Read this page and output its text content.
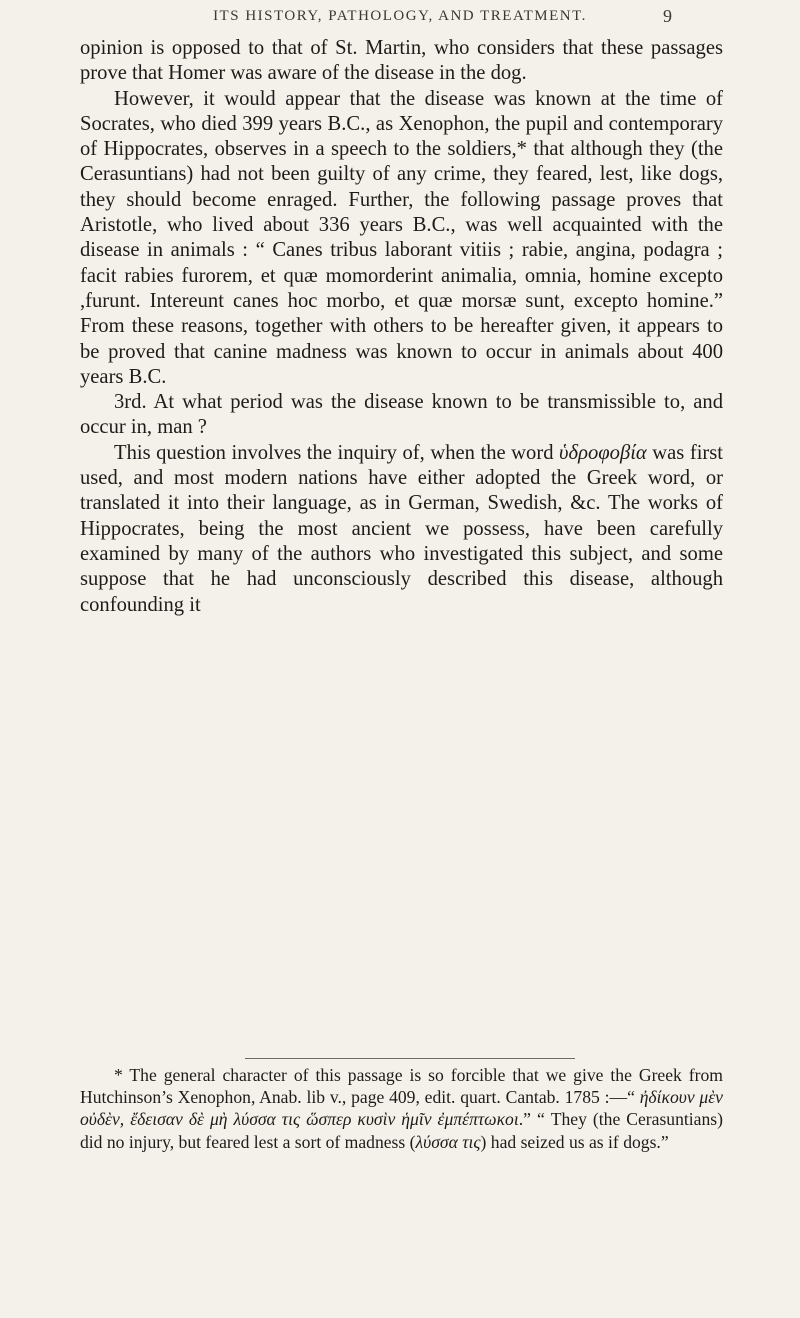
ITS HISTORY, PATHOLOGY, AND TREATMENT.	9

opinion is opposed to that of St. Martin, who considers that these passages prove that Homer was aware of the disease in the dog.

However, it would appear that the disease was known at the time of Socrates, who died 399 years B.C., as Xenophon, the pupil and contemporary of Hippocrates, observes in a speech to the soldiers,* that although they (the Cerasuntians) had not been guilty of any crime, they feared, lest, like dogs, they should become enraged. Further, the following passage proves that Aristotle, who lived about 336 years B.C., was well acquainted with the disease in animals : “ Canes tribus laborant vitiis ; rabie, angina, podagra ; facit rabies furorem, et quæ momorderint animalia, omnia, homine excepto ,furunt. Intereunt canes hoc morbo, et quæ morsæ sunt, excepto homine.” From these reasons, together with others to be hereafter given, it appears to be proved that canine madness was known to occur in animals about 400 years B.C.

3rd. At what period was the disease known to be transmissible to, and occur in, man ?

This question involves the inquiry of, when the word ὑδροφοβία was first used, and most modern nations have either adopted the Greek word, or translated it into their language, as in German, Swedish, &c. The works of Hippocrates, being the most ancient we possess, have been carefully examined by many of the authors who investigated this subject, and some suppose that he had unconsciously described this disease, although confounding it

* The general character of this passage is so forcible that we give the Greek from Hutchinson’s Xenophon, Anab. lib v., page 409, edit. quart. Cantab. 1785 :—“ ἠδίκουν μὲν οὐδὲν, ἔδεισαν δὲ μὴ λύσσα τις ὥσπερ κυσὶν ἡμῖν ἐμπέπτωκοι.” “ They (the Cerasuntians) did no injury, but feared lest a sort of madness (λύσσα τις) had seized us as if dogs.”
